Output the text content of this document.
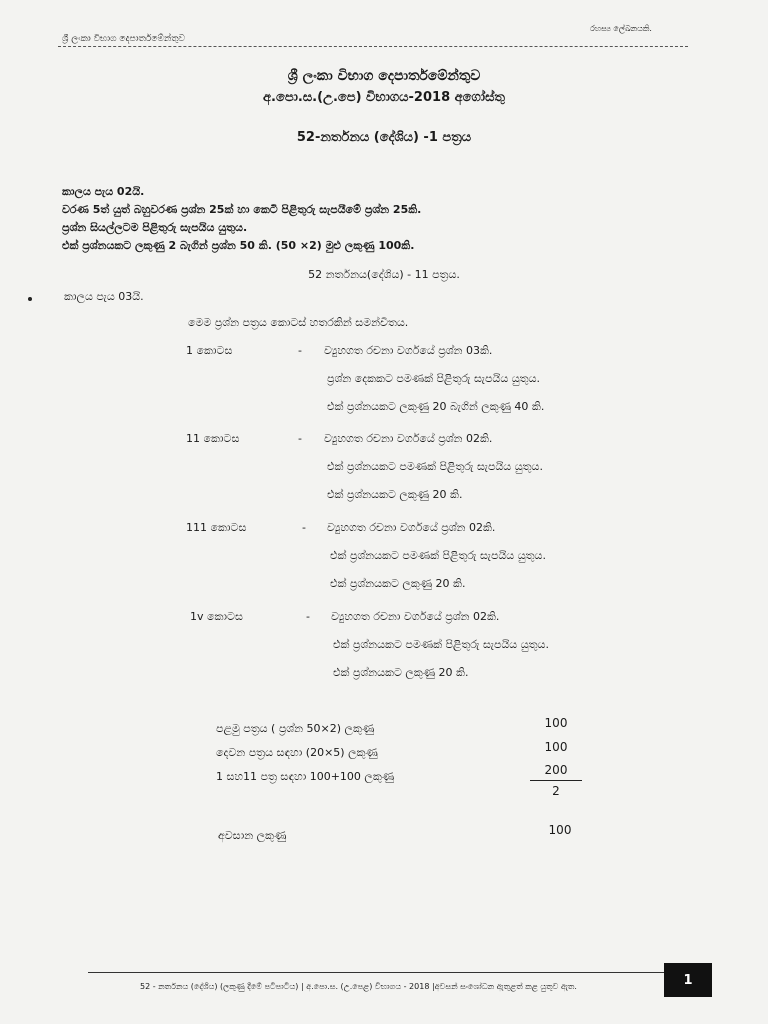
ශ්‍රී ලංකා විභාග දෙපාර්තමේන්තුව
රහස්‍ය ලේඛනයකි.
ශ්‍රී ලංකා විභාග දෙපාර්තමේන්තුව
අ.පො.ස.(උ.පෙ) විභාගය-2018 අගෝස්තු
52-නර්තනය (දේශිය) -1 පත්‍රය
කාලය පැය 02යි.
වරණ 5ත් යුත් බහුවරණ ප්‍රශ්න 25ක් හා කෙටි පිළිතුරු සැපයීමේ ප්‍රශ්න 25කි.
ප්‍රශ්න සියල්ලටම පිළිතුරු සැපයිය යුතුය.
එක් ප්‍රශ්නයකට ලකුණු 2 බැගින් ප්‍රශ්න 50 කි. (50 ×2) මුළු ලකුණු 100කි.
52 නර්තනය(දේශිය) - 11 පත්‍රය.
කාලය පැය 03යි.
මෙම ප්‍රශ්න පත්‍රය කොටස් හතරකින් සමන්විතය.
1 කොටස	- ව්‍යුහගත රචනා වර්ගයේ ප්‍රශ්න 03කි.
ප්‍රශ්න දෙකකට පමණක් පිළිතුරු සැපයිය යුතුය.
එක් ප්‍රශ්නයකට ලකුණු 20 බැගින් ලකුණු 40 කි.
11 කොටස	- ව්‍යුහගත රචනා වර්ගයේ ප්‍රශ්න 02කි.
එක් ප්‍රශ්නයකට පමණක් පිළිතුරු සැපයිය යුතුය.
එක් ප්‍රශ්නයකට ලකුණු 20 කි.
111 කොටස	- ව්‍යුහගත රචනා වර්ගයේ ප්‍රශ්න 02කි.
එක් ප්‍රශ්නයකට පමණක් පිළිතුරු සැපයිය යුතුය.
එක් ප්‍රශ්නයකට ලකුණු 20 කි.
1v කොටස	- ව්‍යුහගත රචනා වර්ගයේ ප්‍රශ්න 02කි.
එක් ප්‍රශ්නයකට පමණක් පිළිතුරු සැපයිය යුතුය.
එක් ප්‍රශ්නයකට ලකුණු 20 කි.
පළමු පත්‍රය ( ප්‍රශ්න 50×2) ලකුණු	100
දෙවන පත්‍රය සඳහා (20×5) ලකුණු	100
1 සහ11 පත්‍ර සඳහා 100+100 ලකුණු	200
2
අවසාන ලකුණු	100
52 - නර්තනය (දේශිය) (ලකුණු දීමේ පටිපාටිය) | අ.පො.ස. (උ.පෙළ) විභාගය - 2018 |අවසන් සංශෝධන ඇතුළත් කළ යුතුව ඇත.	1
